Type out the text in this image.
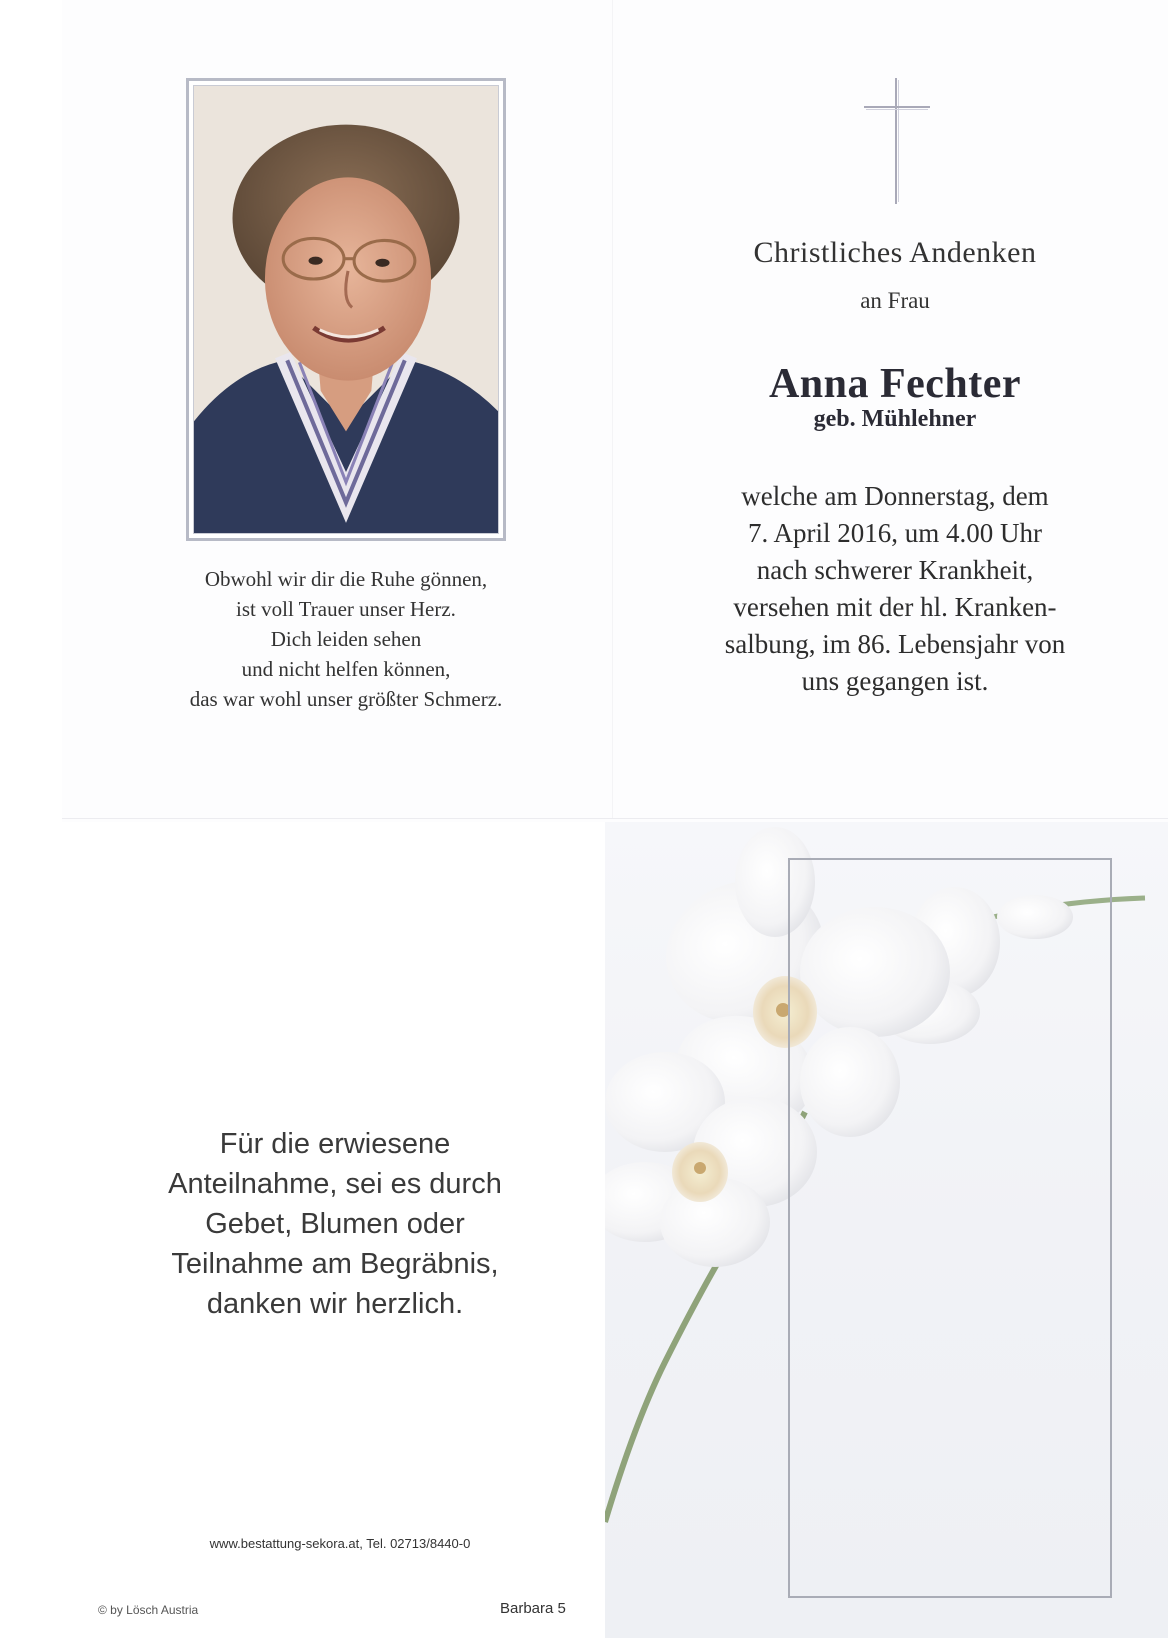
Obwohl wir dir die Ruhe gönnen,
ist voll Trauer unser Herz.
Dich leiden sehen
und nicht helfen können,
das war wohl unser größter Schmerz.
Christliches Andenken
an Frau
Anna Fechter
geb. Mühlehner
welche am Donnerstag, dem
7. April 2016, um 4.00 Uhr
nach schwerer Krankheit,
versehen mit der hl. Kranken-
salbung, im 86. Lebensjahr von
uns gegangen ist.
Für die erwiesene
Anteilnahme, sei es durch
Gebet, Blumen oder
Teilnahme am Begräbnis,
danken wir herzlich.
www.bestattung-sekora.at, Tel. 02713/8440-0
© by Lösch Austria	Barbara 5
